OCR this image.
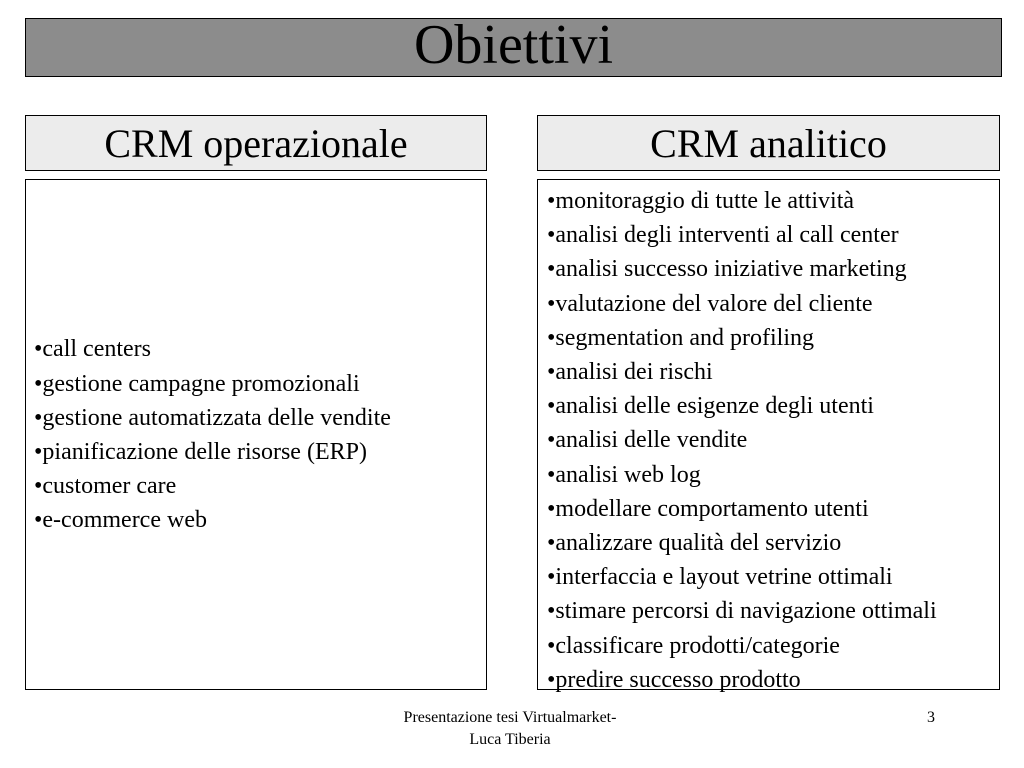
Obiettivi
CRM operazionale	CRM analitico
• call centers
• gestione campagne promozionali
• gestione automatizzata delle vendite
• pianificazione delle risorse (ERP)
• customer care
• e-commerce web
• monitoraggio di tutte le attività
• analisi degli interventi al call center
• analisi successo iniziative marketing
• valutazione del valore del cliente
• segmentation and profiling
• analisi dei rischi
• analisi delle esigenze degli utenti
• analisi delle vendite
• analisi web log
• modellare comportamento utenti
• analizzare qualità del servizio
• interfaccia e layout vetrine ottimali
• stimare percorsi di navigazione ottimali
• classificare prodotti/categorie
• predire successo prodotto
Presentazione tesi Virtualmarket-
Luca Tiberia
3
